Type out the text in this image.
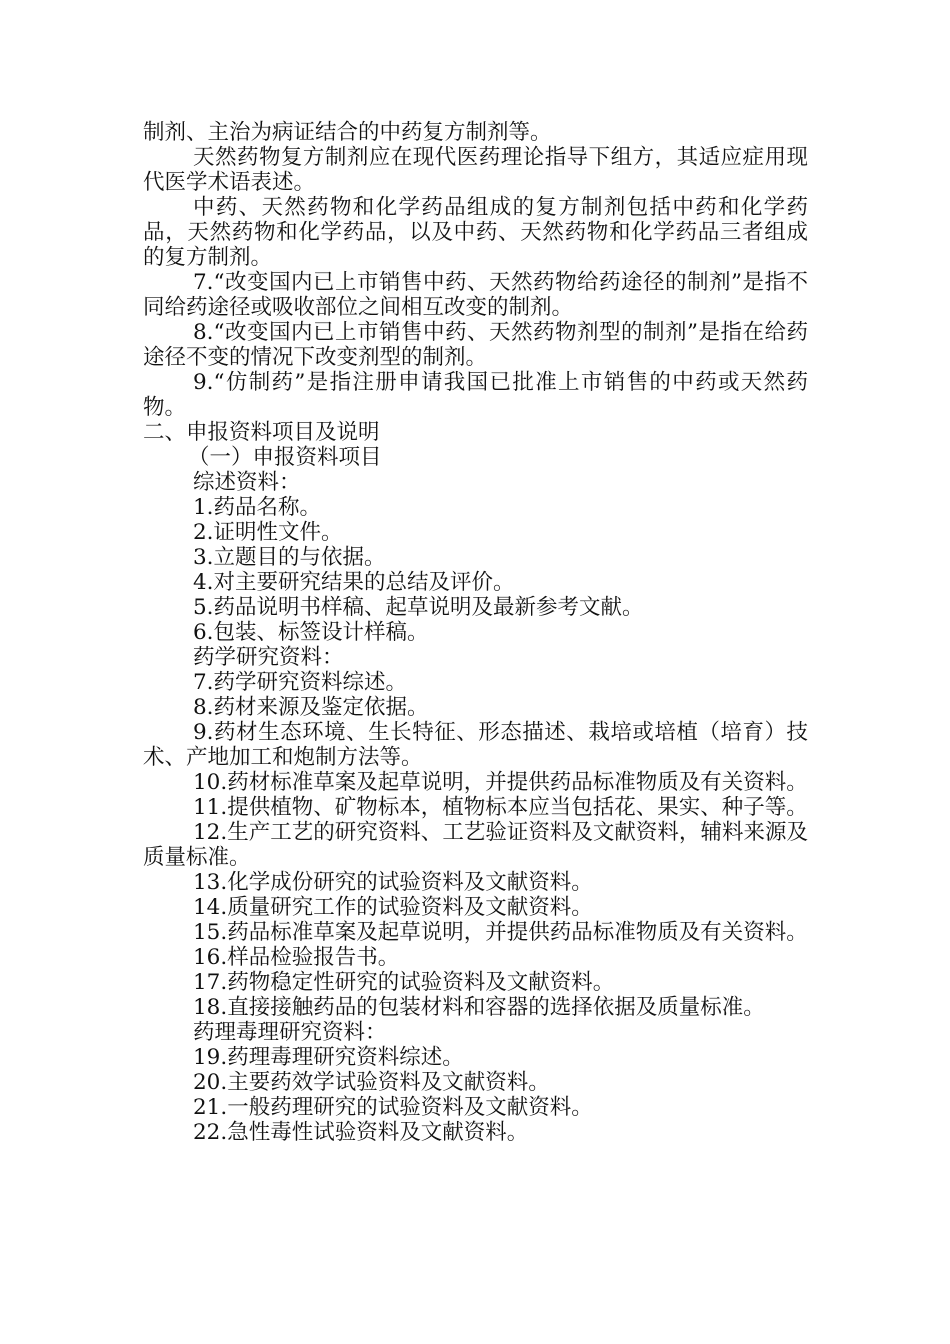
制剂、主治为病证结合的中药复方制剂等。

天然药物复方制剂应在现代医药理论指导下组方，其适应症用现代医学术语表述。

中药、天然药物和化学药品组成的复方制剂包括中药和化学药品，天然药物和化学药品，以及中药、天然药物和化学药品三者组成的复方制剂。

7.“改变国内已上市销售中药、天然药物给药途径的制剂”是指不同给药途径或吸收部位之间相互改变的制剂。

8.“改变国内已上市销售中药、天然药物剂型的制剂”是指在给药途径不变的情况下改变剂型的制剂。

9.“仿制药”是指注册申请我国已批准上市销售的中药或天然药物。

二、申报资料项目及说明

（一）申报资料项目

综述资料：

1.药品名称。

2.证明性文件。

3.立题目的与依据。

4.对主要研究结果的总结及评价。

5.药品说明书样稿、起草说明及最新参考文献。

6.包装、标签设计样稿。

药学研究资料：

7.药学研究资料综述。

8.药材来源及鉴定依据。

9.药材生态环境、生长特征、形态描述、栽培或培植（培育）技术、产地加工和炮制方法等。

10.药材标准草案及起草说明，并提供药品标准物质及有关资料。

11.提供植物、矿物标本，植物标本应当包括花、果实、种子等。

12.生产工艺的研究资料、工艺验证资料及文献资料，辅料来源及质量标准。

13.化学成份研究的试验资料及文献资料。

14.质量研究工作的试验资料及文献资料。

15.药品标准草案及起草说明，并提供药品标准物质及有关资料。

16.样品检验报告书。

17.药物稳定性研究的试验资料及文献资料。

18.直接接触药品的包装材料和容器的选择依据及质量标准。

药理毒理研究资料：

19.药理毒理研究资料综述。

20.主要药效学试验资料及文献资料。

21.一般药理研究的试验资料及文献资料。

22.急性毒性试验资料及文献资料。
